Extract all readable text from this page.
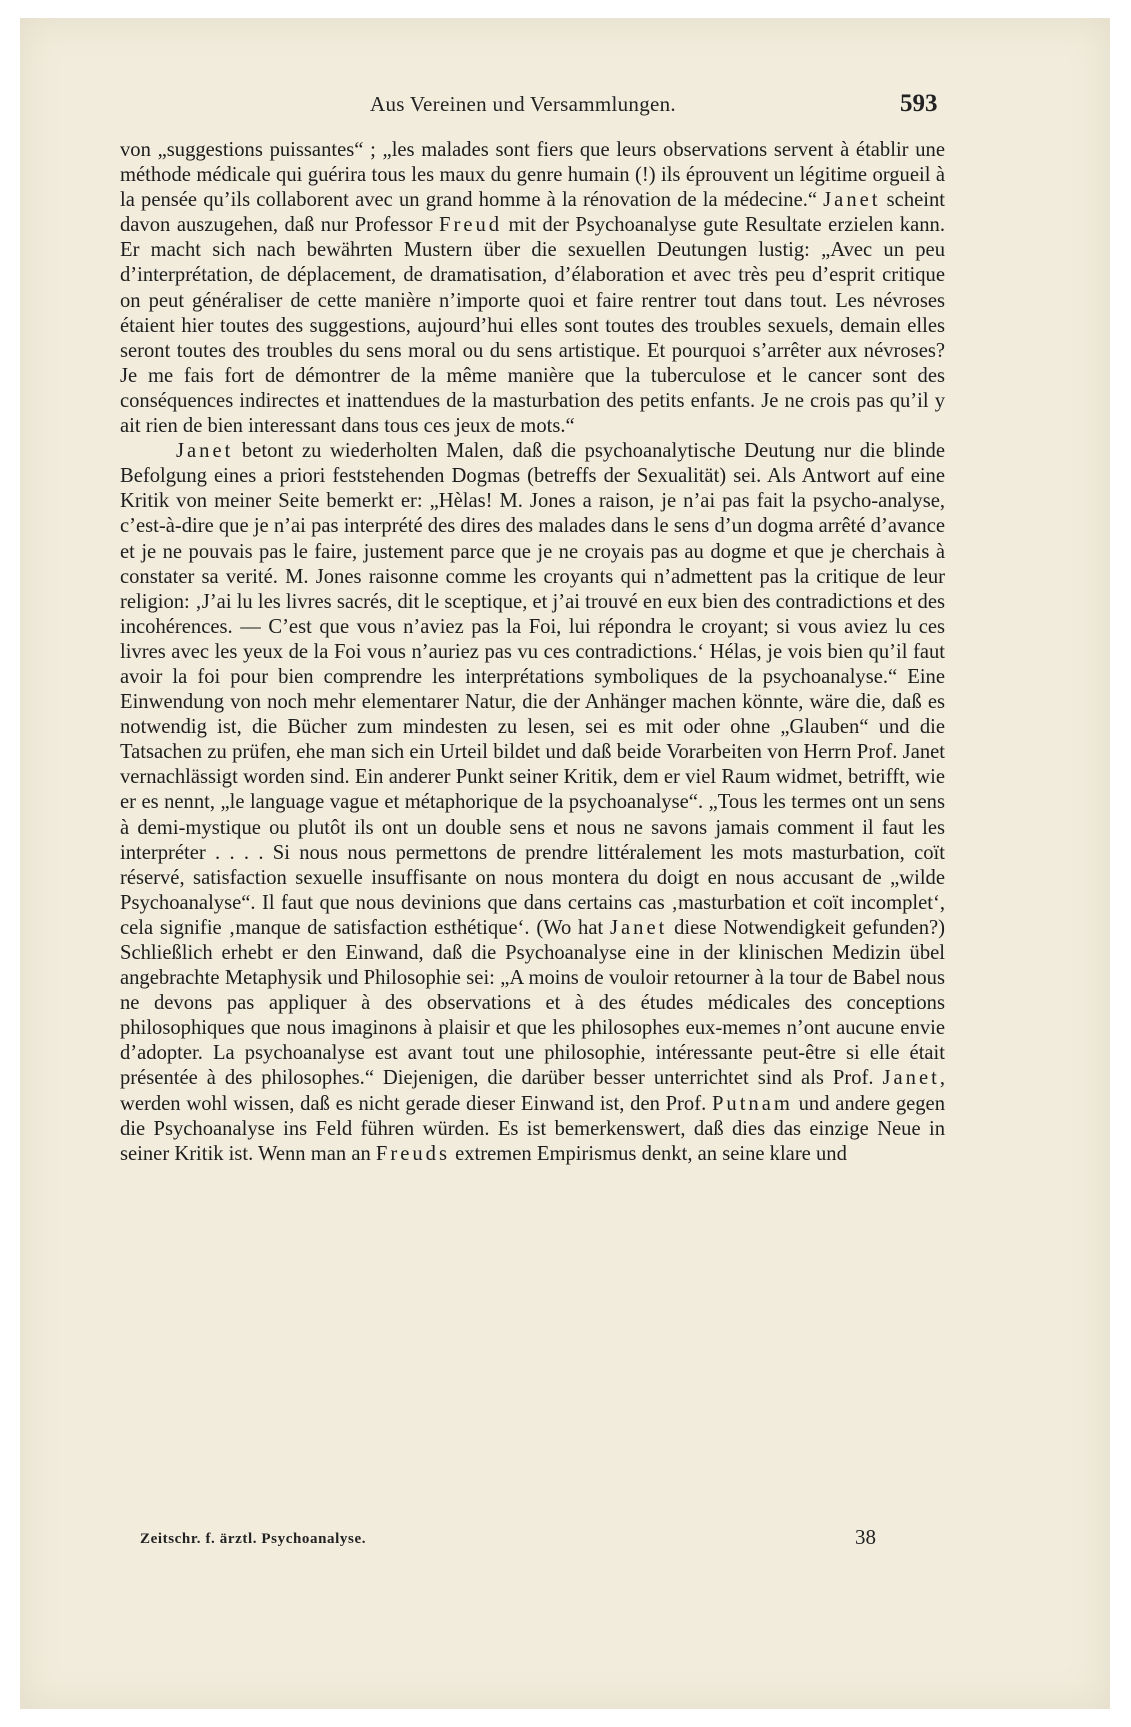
Aus Vereinen und Versammlungen.	593

von „suggestions puissantes“ ; „les malades sont fiers que leurs observations servent à établir une méthode médicale qui guérira tous les maux du genre humain (!) ils éprouvent un légitime orgueil à la pensée qu’ils collaborent avec un grand homme à la rénovation de la médecine.“ Janet scheint davon auszugehen, daß nur Professor Freud mit der Psychoanalyse gute Resultate erzielen kann. Er macht sich nach bewährten Mustern über die sexuellen Deutungen lustig: „Avec un peu d’interprétation, de déplacement, de dramatisation, d’élaboration et avec très peu d’esprit critique on peut généraliser de cette manière n’importe quoi et faire rentrer tout dans tout. Les névroses étaient hier toutes des suggestions, aujourd’hui elles sont toutes des troubles sexuels, demain elles seront toutes des troubles du sens moral ou du sens artistique. Et pourquoi s’arrêter aux névroses? Je me fais fort de démontrer de la même manière que la tuberculose et le cancer sont des conséquences indirectes et inattendues de la masturbation des petits enfants. Je ne crois pas qu’il y ait rien de bien interessant dans tous ces jeux de mots.“

Janet betont zu wiederholten Malen, daß die psychoanalytische Deutung nur die blinde Befolgung eines a priori feststehenden Dogmas (betreffs der Sexualität) sei. Als Antwort auf eine Kritik von meiner Seite bemerkt er: „Hèlas! M. Jones a raison, je n’ai pas fait la psycho-analyse, c’est-à-dire que je n’ai pas interprété des dires des malades dans le sens d’un dogma arrêté d’avance et je ne pouvais pas le faire, justement parce que je ne croyais pas au dogme et que je cherchais à constater sa verité. M. Jones raisonne comme les croyants qui n’admettent pas la critique de leur religion: ‚J’ai lu les livres sacrés, dit le sceptique, et j’ai trouvé en eux bien des contradictions et des incohérences. — C’est que vous n’aviez pas la Foi, lui répondra le croyant; si vous aviez lu ces livres avec les yeux de la Foi vous n’auriez pas vu ces contradictions.‘ Hélas, je vois bien qu’il faut avoir la foi pour bien comprendre les interprétations symboliques de la psychoanalyse.“ Eine Einwendung von noch mehr elementarer Natur, die der Anhänger machen könnte, wäre die, daß es notwendig ist, die Bücher zum mindesten zu lesen, sei es mit oder ohne „Glauben“ und die Tatsachen zu prüfen, ehe man sich ein Urteil bildet und daß beide Vorarbeiten von Herrn Prof. Janet vernachlässigt worden sind. Ein anderer Punkt seiner Kritik, dem er viel Raum widmet, betrifft, wie er es nennt, „le language vague et métaphorique de la psychoanalyse“. „Tous les termes ont un sens à demi-mystique ou plutôt ils ont un double sens et nous ne savons jamais comment il faut les interpréter . . . . Si nous nous permettons de prendre littéralement les mots masturbation, coït réservé, satisfaction sexuelle insuffisante on nous montera du doigt en nous accusant de „wilde Psychoanalyse“. Il faut que nous devinions que dans certains cas ‚masturbation et coït incomplet‘, cela signifie ‚manque de satisfaction esthétique‘. (Wo hat Janet diese Notwendigkeit gefunden?) Schließlich erhebt er den Einwand, daß die Psychoanalyse eine in der klinischen Medizin übel angebrachte Metaphysik und Philosophie sei: „A moins de vouloir retourner à la tour de Babel nous ne devons pas appliquer à des observations et à des études médicales des conceptions philosophiques que nous imaginons à plaisir et que les philosophes eux-memes n’ont aucune envie d’adopter. La psychoanalyse est avant tout une philosophie, intéressante peut-être si elle était présentée à des philosophes.“ Diejenigen, die darüber besser unterrichtet sind als Prof. Janet, werden wohl wissen, daß es nicht gerade dieser Einwand ist, den Prof. Putnam und andere gegen die Psychoanalyse ins Feld führen würden. Es ist bemerkenswert, daß dies das einzige Neue in seiner Kritik ist. Wenn man an Freuds extremen Empirismus denkt, an seine klare und

Zeitschr. f. ärztl. Psychoanalyse.	38
